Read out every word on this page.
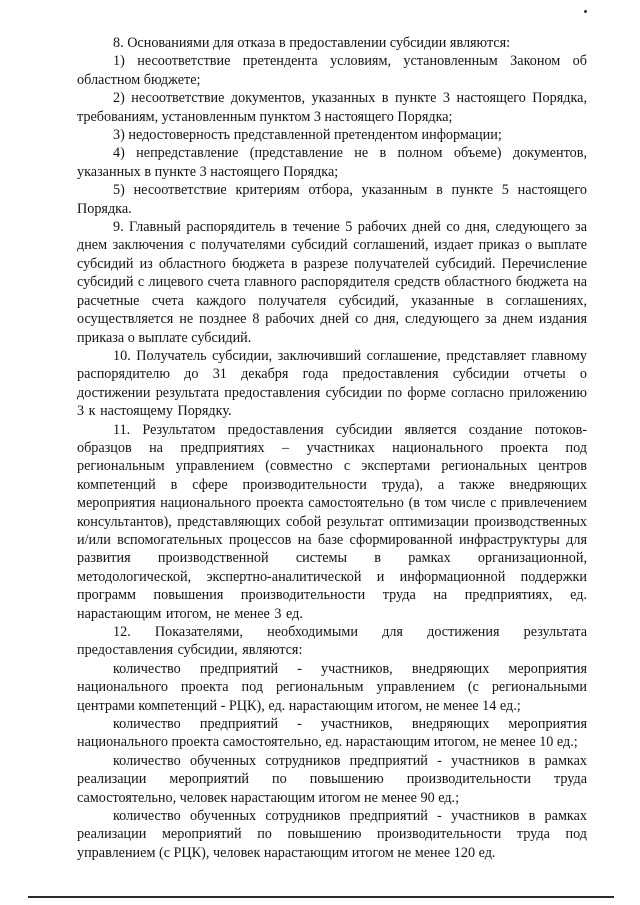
8. Основаниями для отказа в предоставлении субсидии являются:

1) несоответствие претендента условиям, установленным Законом об областном бюджете;

2) несоответствие документов, указанных в пункте 3 настоящего Порядка, требованиям, установленным пунктом 3 настоящего Порядка;

3) недостоверность представленной претендентом информации;

4) непредставление (представление не в полном объеме) документов, указанных в пункте 3 настоящего Порядка;

5) несоответствие критериям отбора, указанным в пункте 5 настоящего Порядка.

9. Главный распорядитель в течение 5 рабочих дней со дня, следующего за днем заключения с получателями субсидий соглашений, издает приказ о выплате субсидий из областного бюджета в разрезе получателей субсидий. Перечисление субсидий с лицевого счета главного распорядителя средств областного бюджета на расчетные счета каждого получателя субсидий, указанные в соглашениях, осуществляется не позднее 8 рабочих дней со дня, следующего за днем издания приказа о выплате субсидий.

10. Получатель субсидии, заключивший соглашение, представляет главному распорядителю до 31 декабря года предоставления субсидии отчеты о достижении результата предоставления субсидии по форме согласно приложению 3 к настоящему Порядку.

11. Результатом предоставления субсидии является создание потоков-образцов на предприятиях – участниках национального проекта под региональным управлением (совместно с экспертами региональных центров компетенций в сфере производительности труда), а также внедряющих мероприятия национального проекта самостоятельно (в том числе с привлечением консультантов), представляющих собой результат оптимизации производственных и/или вспомогательных процессов на базе сформированной инфраструктуры для развития производственной системы в рамках организационной, методологической, экспертно-аналитической и информационной поддержки программ повышения производительности труда на предприятиях, ед. нарастающим итогом, не менее 3 ед.

12. Показателями, необходимыми для достижения результата предоставления субсидии, являются:

количество предприятий - участников, внедряющих мероприятия национального проекта под региональным управлением (с региональными центрами компетенций - РЦК), ед. нарастающим итогом, не менее 14 ед.;

количество предприятий - участников, внедряющих мероприятия национального проекта самостоятельно, ед. нарастающим итогом, не менее 10 ед.;

количество обученных сотрудников предприятий - участников в рамках реализации мероприятий по повышению производительности труда самостоятельно, человек нарастающим итогом не менее 90 ед.;

количество обученных сотрудников предприятий - участников в рамках реализации мероприятий по повышению производительности труда под управлением (с РЦК), человек нарастающим итогом не менее 120 ед.
